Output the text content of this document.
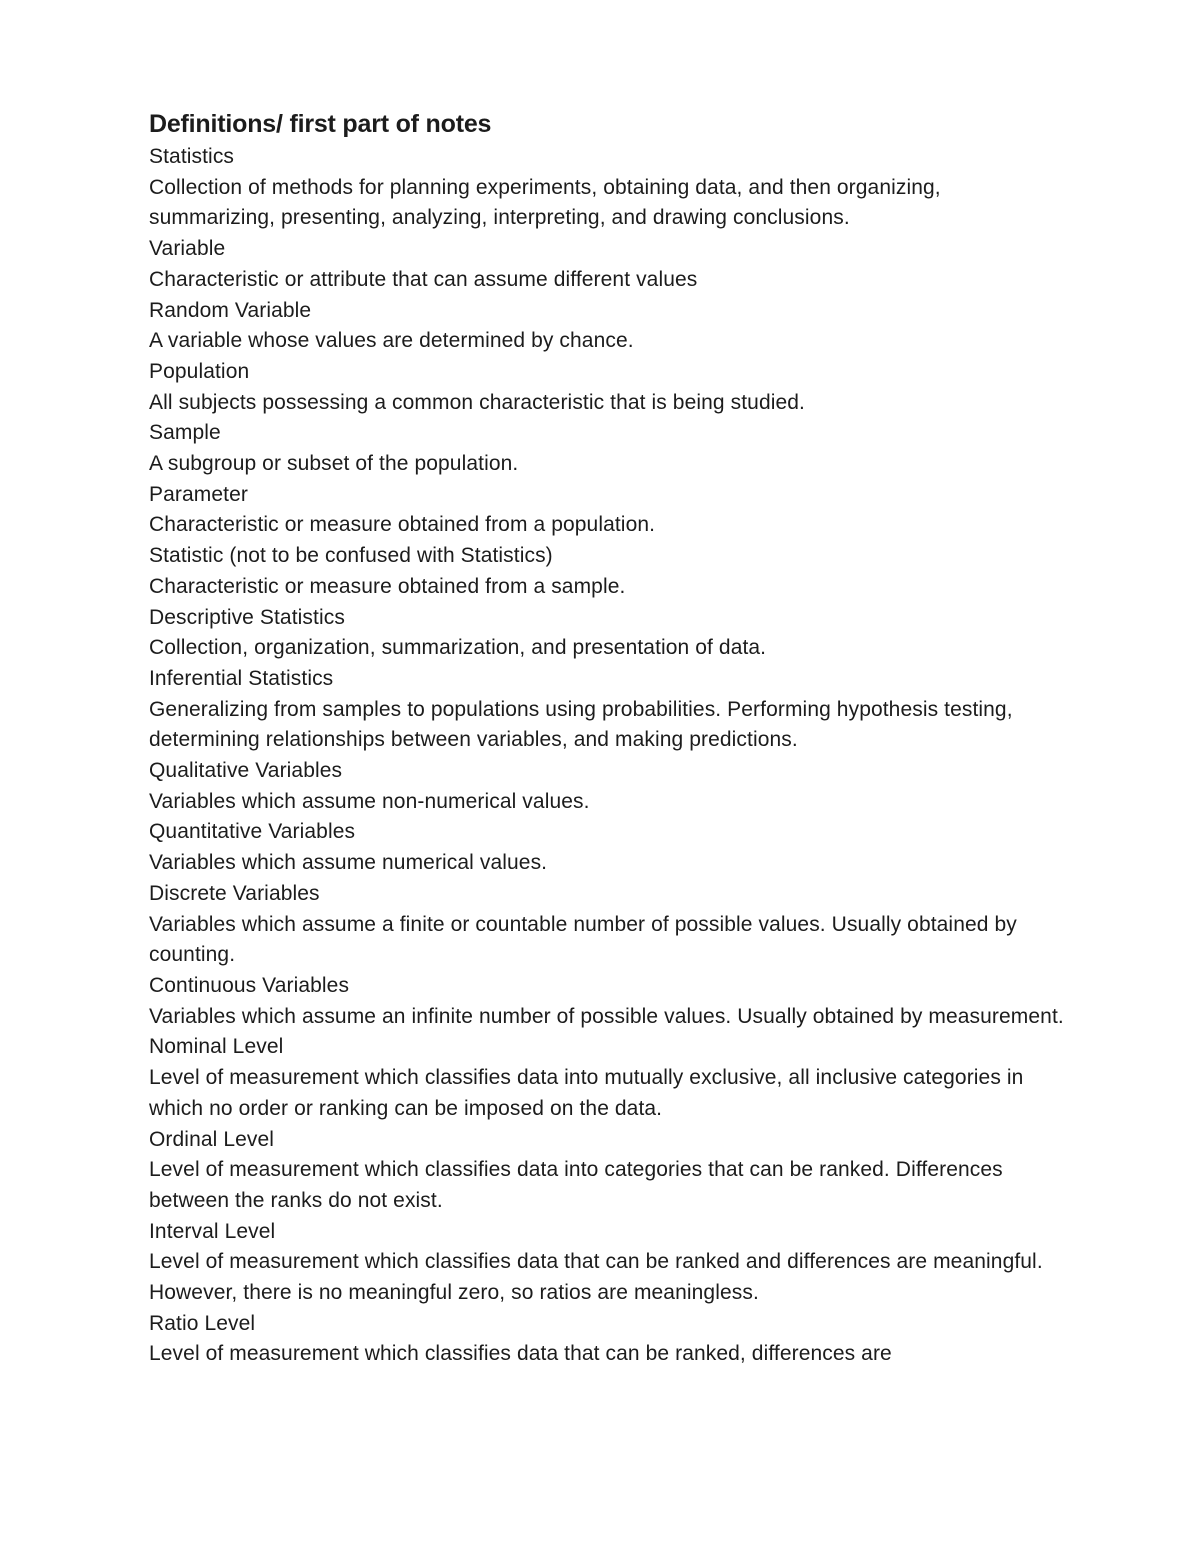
Definitions/ first part of notes

Statistics

Collection of methods for planning experiments, obtaining data, and then organizing, summarizing, presenting, analyzing, interpreting, and drawing conclusions.

Variable

Characteristic or attribute that can assume different values

Random Variable

A variable whose values are determined by chance.

Population

All subjects possessing a common characteristic that is being studied.

Sample

A subgroup or subset of the population.

Parameter

Characteristic or measure obtained from a population.

Statistic (not to be confused with Statistics)

Characteristic or measure obtained from a sample.

Descriptive Statistics

Collection, organization, summarization, and presentation of data.

Inferential Statistics

Generalizing from samples to populations using probabilities. Performing hypothesis testing, determining relationships between variables, and making predictions.

Qualitative Variables

Variables which assume non-numerical values.

Quantitative Variables

Variables which assume numerical values.

Discrete Variables

Variables which assume a finite or countable number of possible values. Usually obtained by counting.

Continuous Variables

Variables which assume an infinite number of possible values. Usually obtained by measurement.

Nominal Level

Level of measurement which classifies data into mutually exclusive, all inclusive categories in which no order or ranking can be imposed on the data.

Ordinal Level

Level of measurement which classifies data into categories that can be ranked. Differences between the ranks do not exist.

Interval Level

Level of measurement which classifies data that can be ranked and differences are meaningful. However, there is no meaningful zero, so ratios are meaningless.

Ratio Level

Level of measurement which classifies data that can be ranked, differences are
